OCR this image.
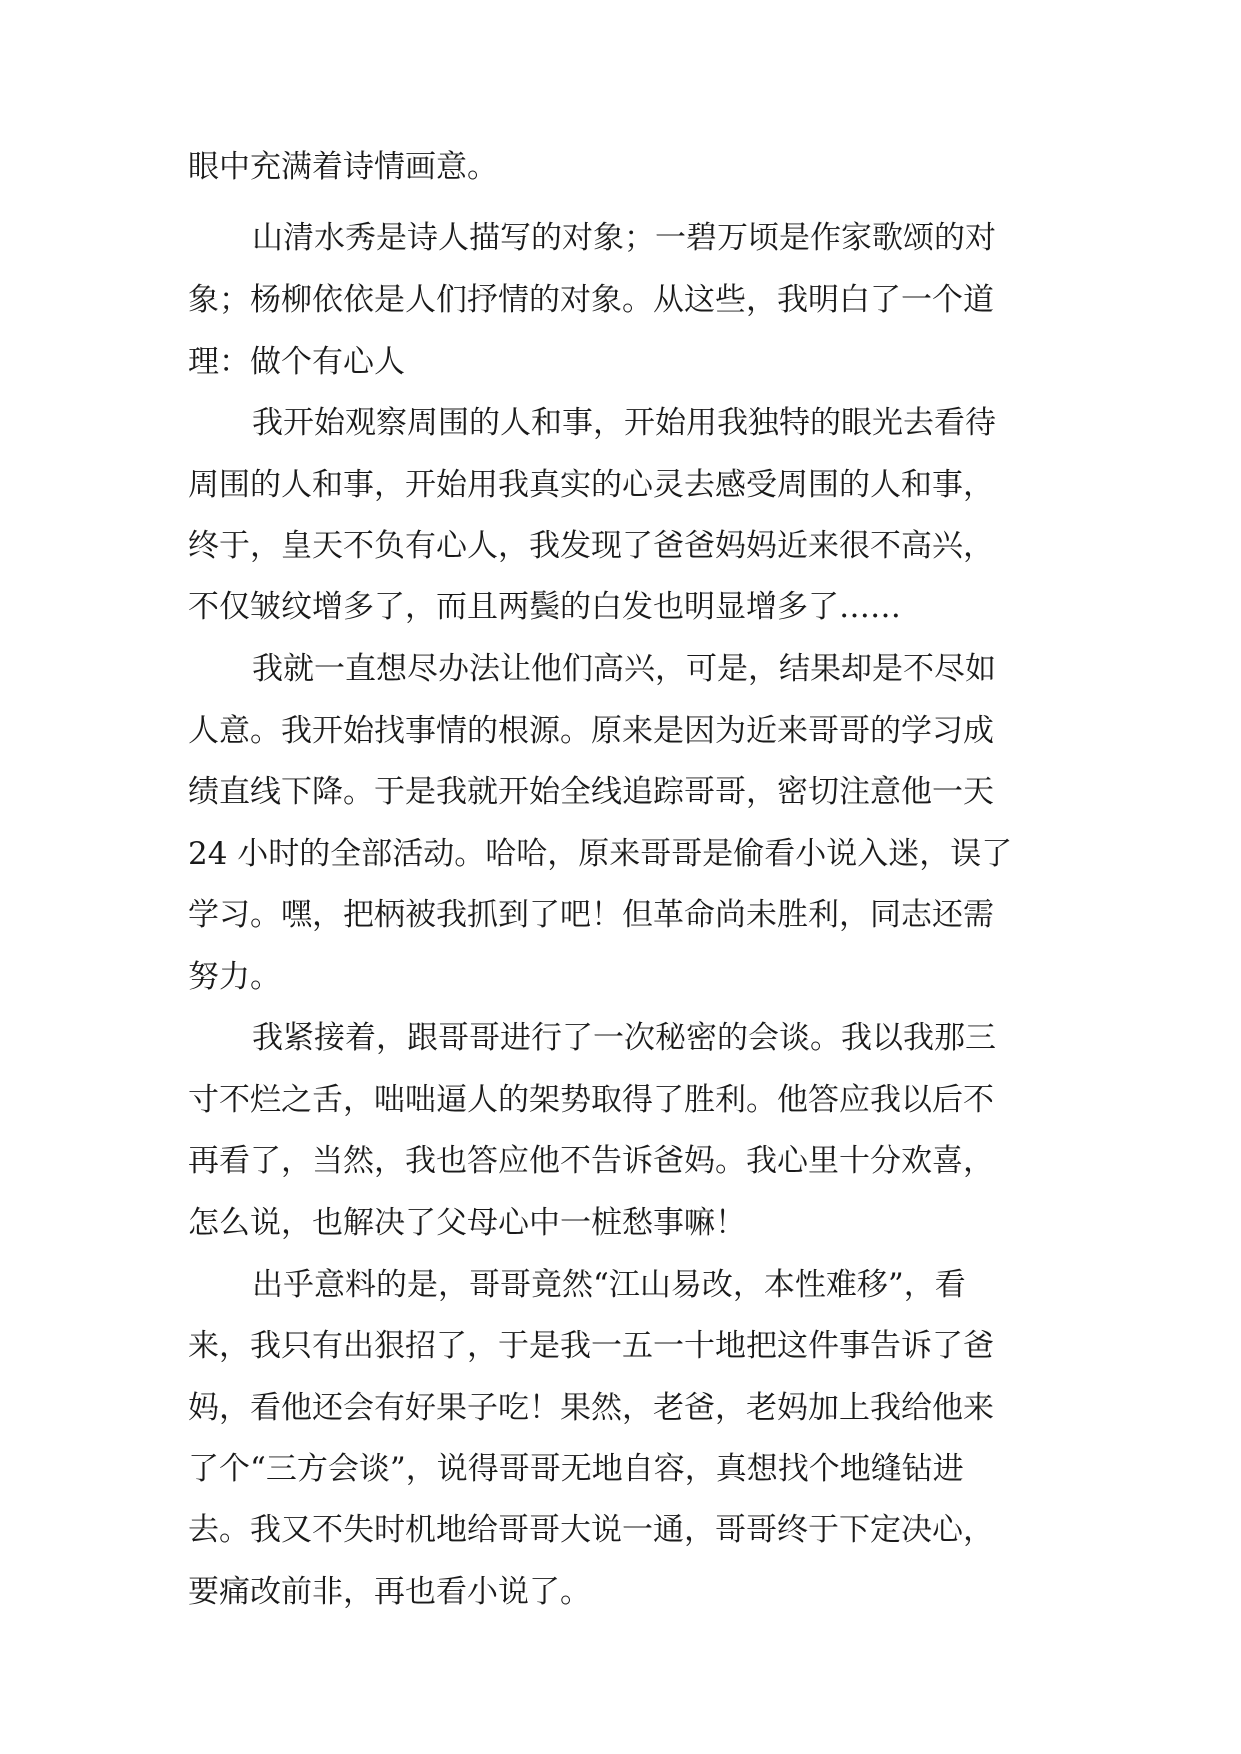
眼中充满着诗情画意。
山清水秀是诗人描写的对象；一碧万顷是作家歌颂的对
象；杨柳依依是人们抒情的对象。从这些，我明白了一个道
理：做个有心人
我开始观察周围的人和事，开始用我独特的眼光去看待
周围的人和事，开始用我真实的心灵去感受周围的人和事，
终于，皇天不负有心人，我发现了爸爸妈妈近来很不高兴，
不仅皱纹增多了，而且两鬓的白发也明显增多了……
我就一直想尽办法让他们高兴，可是，结果却是不尽如
人意。我开始找事情的根源。原来是因为近来哥哥的学习成
绩直线下降。于是我就开始全线追踪哥哥，密切注意他一天
24 小时的全部活动。哈哈，原来哥哥是偷看小说入迷，误了
学习。嘿，把柄被我抓到了吧！但革命尚未胜利，同志还需
努力。
我紧接着，跟哥哥进行了一次秘密的会谈。我以我那三
寸不烂之舌，咄咄逼人的架势取得了胜利。他答应我以后不
再看了，当然，我也答应他不告诉爸妈。我心里十分欢喜，
怎么说，也解决了父母心中一桩愁事嘛！
出乎意料的是，哥哥竟然“江山易改，本性难移”，看
来，我只有出狠招了，于是我一五一十地把这件事告诉了爸
妈，看他还会有好果子吃！果然，老爸，老妈加上我给他来
了个“三方会谈”，说得哥哥无地自容，真想找个地缝钻进
去。我又不失时机地给哥哥大说一通，哥哥终于下定决心，
要痛改前非，再也看小说了。
